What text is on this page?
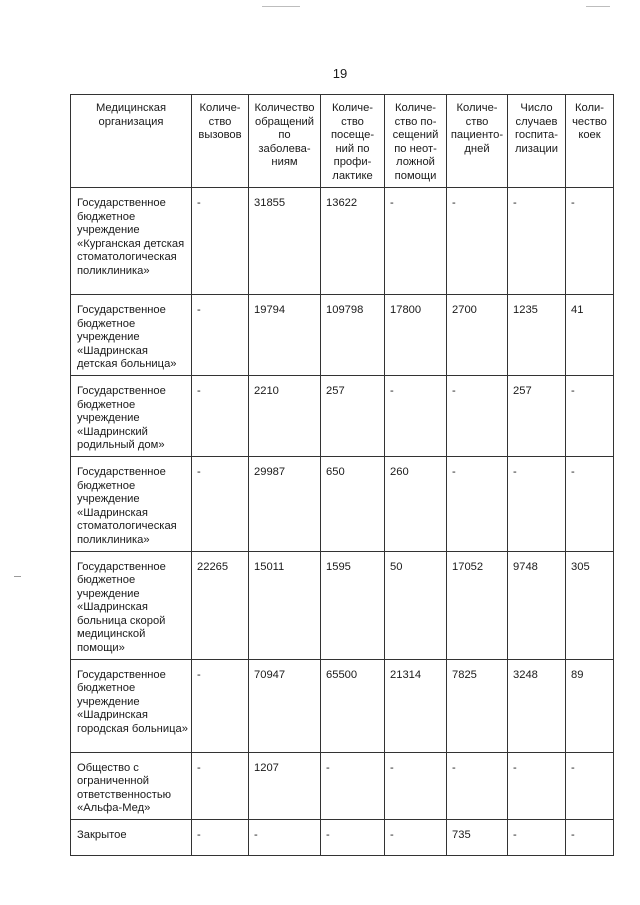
19
Медицинская организация	Количе-ство вызовов	Количество обращений по заболева-ниям	Количе-ство посеще-ний по профи-лактике	Количе-ство по-сещений по неот-ложной помощи	Количе-ство пациенто-дней	Число случаев госпита-лизации	Коли-чество коек
Государственное бюджетное учреждение «Курганская детская стоматологическая поликлиника»	-	31855	13622	-	-	-	-
Государственное бюджетное учреждение «Шадринская детская больница»	-	19794	109798	17800	2700	1235	41
Государственное бюджетное учреждение «Шадринский родильный дом»	-	2210	257	-	-	257	-
Государственное бюджетное учреждение «Шадринская стоматологическая поликлиника»	-	29987	650	260	-	-	-
Государственное бюджетное учреждение «Шадринская больница скорой медицинской помощи»	22265	15011	1595	50	17052	9748	305
Государственное бюджетное учреждение «Шадринская городская больница»	-	70947	65500	21314	7825	3248	89
Общество с ограниченной ответственностью «Альфа-Мед»	-	1207	-	-	-	-	-
Закрытое	-	-	-	-	735	-	-
